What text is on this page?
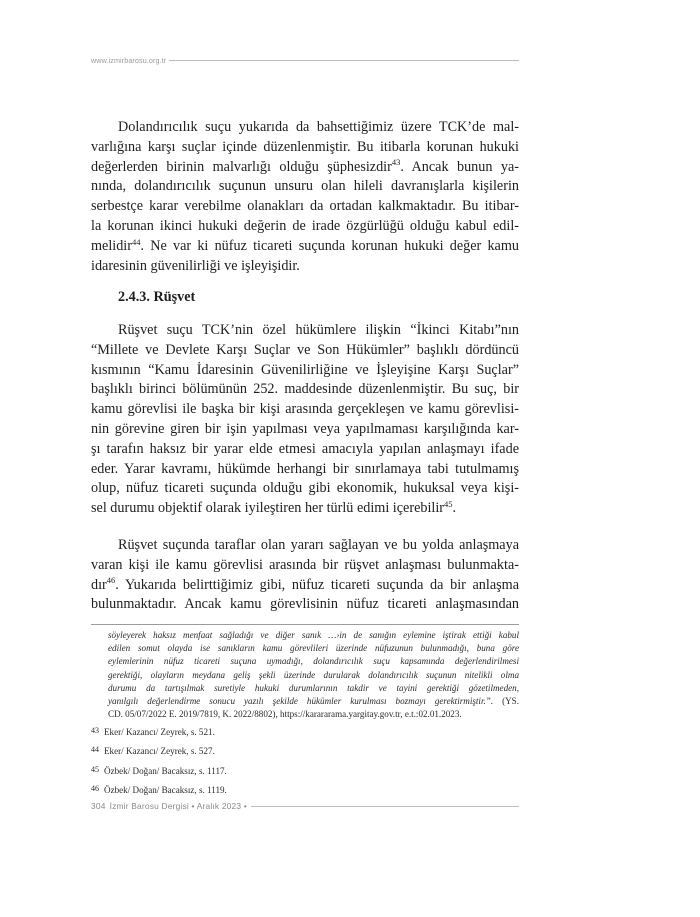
www.izmirbarosu.org.tr
Dolandırıcılık suçu yukarıda da bahsettiğimiz üzere TCK’de mal-
varlığına karşı suçlar içinde düzenlenmiştir. Bu itibarla korunan hukuki
değerlerden birinin malvarlığı olduğu şüphesizdir$^{43}$. Ancak bunun ya-
nında, dolandırıcılık suçunun unsuru olan hileli davranışlarla kişilerin
serbestçe karar verebilme olanakları da ortadan kalkmaktadır. Bu itibar-
la korunan ikinci hukuki değerin de irade özgürlüğü olduğu kabul edil-
melidir$^{44}$. Ne var ki nüfuz ticareti suçunda korunan hukuki değer kamu
idaresinin güvenilirliği ve işleyişidir.
2.4.3. Rüşvet
Rüşvet suçu TCK’nin özel hükümlere ilişkin “İkinci Kitabı”nın
“Millete ve Devlete Karşı Suçlar ve Son Hükümler” başlıklı dördüncü
kısmının “Kamu İdaresinin Güvenilirliğine ve İşleyişine Karşı Suçlar”
başlıklı birinci bölümünün 252. maddesinde düzenlenmiştir. Bu suç, bir
kamu görevlisi ile başka bir kişi arasında gerçekleşen ve kamu görevlisi-
nin görevine giren bir işin yapılması veya yapılmaması karşılığında kar-
şı tarafın haksız bir yarar elde etmesi amacıyla yapılan anlaşmayı ifade
eder. Yarar kavramı, hükümde herhangi bir sınırlamaya tabi tutulmamış
olup, nüfuz ticareti suçunda olduğu gibi ekonomik, hukuksal veya kişi-
sel durumu objektif olarak iyileştiren her türlü edimi içerebilir$^{45}$.
Rüşvet suçunda taraflar olan yararı sağlayan ve bu yolda anlaşmaya
varan kişi ile kamu görevlisi arasında bir rüşvet anlaşması bulunmakta-
dır$^{46}$. Yukarıda belirttiğimiz gibi, nüfuz ticareti suçunda da bir anlaşma
bulunmaktadır. Ancak kamu görevlisinin nüfuz ticareti anlaşmasından
söyleyerek haksız menfaat sağladığı ve diğer sanık …›in de sanığın eylemine iştirak ettiği kabul
edilen somut olayda ise sanıkların kamu görevlileri üzerinde nüfuzunun bulunmadığı, buna göre
eylemlerinin nüfuz ticareti suçuna uymadığı, dolandırıcılık suçu kapsamında değerlendirilmesi
gerektiği, olayların meydana geliş şekli üzerinde durularak dolandırıcılık suçunun nitelikli olma
durumu da tartışılmak suretiyle hukuki durumlarının takdir ve tayini gerektiği gözetilmeden,
yanılgılı değerlendirme sonucu yazılı şekilde hükümler kurulması bozmayı gerektirmiştir.”. (YS.
CD. 05/07/2022 E. 2019/7819, K. 2022/8802), https://karararama.yargitay.gov.tr, e.t.:02.01.2023.
43 Eker/ Kazancı/ Zeyrek, s. 521.
44 Eker/ Kazancı/ Zeyrek, s. 527.
45 Özbek/ Doğan/ Bacaksız, s. 1117.
46 Özbek/ Doğan/ Bacaksız, s. 1119.
304 İzmir Barosu Dergisi • Aralık 2023 •
